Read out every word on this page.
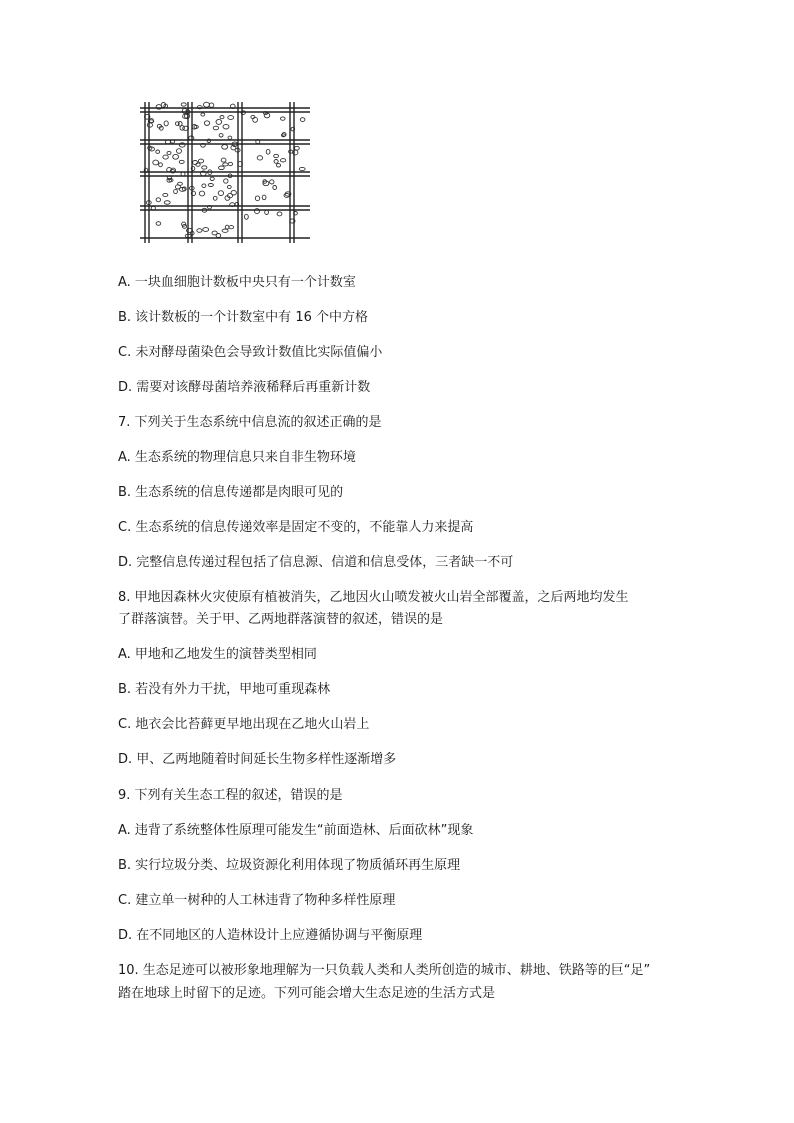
A. 一块血细胞计数板中央只有一个计数室
B. 该计数板的一个计数室中有 16 个中方格
C. 未对酵母菌染色会导致计数值比实际值偏小
D. 需要对该酵母菌培养液稀释后再重新计数
7. 下列关于生态系统中信息流的叙述正确的是
A. 生态系统的物理信息只来自非生物环境
B. 生态系统的信息传递都是肉眼可见的
C. 生态系统的信息传递效率是固定不变的，不能靠人力来提高
D. 完整信息传递过程包括了信息源、信道和信息受体，三者缺一不可
8. 甲地因森林火灾使原有植被消失，乙地因火山喷发被火山岩全部覆盖，之后两地均发生
了群落演替。关于甲、乙两地群落演替的叙述，错误的是
A. 甲地和乙地发生的演替类型相同
B. 若没有外力干扰，甲地可重现森林
C. 地衣会比苔藓更早地出现在乙地火山岩上
D. 甲、乙两地随着时间延长生物多样性逐渐增多
9. 下列有关生态工程的叙述，错误的是
A. 违背了系统整体性原理可能发生“前面造林、后面砍林”现象
B. 实行垃圾分类、垃圾资源化利用体现了物质循环再生原理
C. 建立单一树种的人工林违背了物种多样性原理
D. 在不同地区的人造林设计上应遵循协调与平衡原理
10. 生态足迹可以被形象地理解为一只负载人类和人类所创造的城市、耕地、铁路等的巨“足”
踏在地球上时留下的足迹。下列可能会增大生态足迹的生活方式是
